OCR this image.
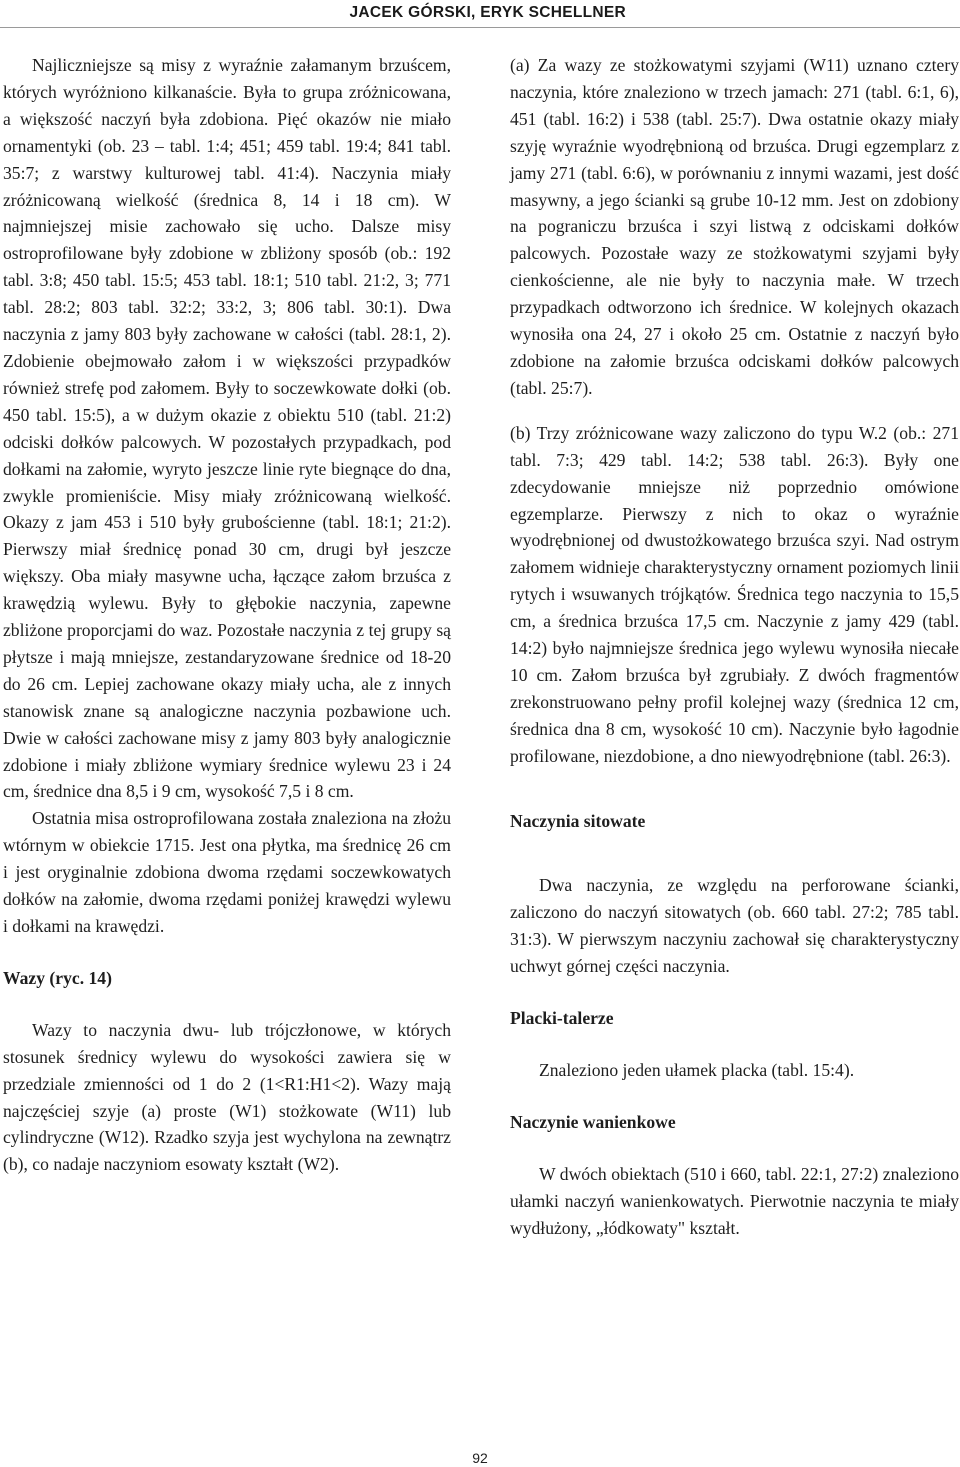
JACEK GÓRSKI, ERYK SCHELLNER

Najliczniejsze są misy z wyraźnie załamanym brzuścem, których wyróżniono kilkanaście. Była to grupa zróżnicowana, a większość naczyń była zdobiona. Pięć okazów nie miało ornamentyki (ob. 23 – tabl. 1:4; 451; 459 tabl. 19:4; 841 tabl. 35:7; z warstwy kulturowej tabl. 41:4). Naczynia miały zróżnicowaną wielkość (średnica 8, 14 i 18 cm). W najmniejszej misie zachowało się ucho. Dalsze misy ostroprofilowane były zdobione w zbliżony sposób (ob.: 192 tabl. 3:8; 450 tabl. 15:5; 453 tabl. 18:1; 510 tabl. 21:2, 3; 771 tabl. 28:2; 803 tabl. 32:2; 33:2, 3; 806 tabl. 30:1). Dwa naczynia z jamy 803 były zachowane w całości (tabl. 28:1, 2). Zdobienie obejmowało załom i w większości przypadków również strefę pod załomem. Były to soczewkowate dołki (ob. 450 tabl. 15:5), a w dużym okazie z obiektu 510 (tabl. 21:2) odciski dołków palcowych. W pozostałych przypadkach, pod dołkami na załomie, wyryto jeszcze linie ryte biegnące do dna, zwykle promieniście. Misy miały zróżnicowaną wielkość. Okazy z jam 453 i 510 były grubościenne (tabl. 18:1; 21:2). Pierwszy miał średnicę ponad 30 cm, drugi był jeszcze większy. Oba miały masywne ucha, łączące załom brzuśca z krawędzią wylewu. Były to głębokie naczynia, zapewne zbliżone proporcjami do waz. Pozostałe naczynia z tej grupy są płytsze i mają mniejsze, zestandaryzowane średnice od 18-20 do 26 cm. Lepiej zachowane okazy miały ucha, ale z innych stanowisk znane są analogiczne naczynia pozbawione uch. Dwie w całości zachowane misy z jamy 803 były analogicznie zdobione i miały zbliżone wymiary średnice wylewu 23 i 24 cm, średnice dna 8,5 i 9 cm, wysokość 7,5 i 8 cm.

Ostatnia misa ostroprofilowana została znaleziona na złożu wtórnym w obiekcie 1715. Jest ona płytka, ma średnicę 26 cm i jest oryginalnie zdobiona dwoma rzędami soczewkowatych dołków na załomie, dwoma rzędami poniżej krawędzi wylewu i dołkami na krawędzi.

Wazy (ryc. 14)

Wazy to naczynia dwu- lub trójczłonowe, w których stosunek średnicy wylewu do wysokości zawiera się w przedziale zmienności od 1 do 2 (1<R1:H1<2). Wazy mają najczęściej szyje (a) proste (W1) stożkowate (W11) lub cylindryczne (W12). Rzadko szyja jest wychylona na zewnątrz (b), co nadaje naczyniom esowaty kształt (W2).

(a) Za wazy ze stożkowatymi szyjami (W11) uznano cztery naczynia, które znaleziono w trzech jamach: 271 (tabl. 6:1, 6), 451 (tabl. 16:2) i 538 (tabl. 25:7). Dwa ostatnie okazy miały szyję wyraźnie wyodrębnioną od brzuśca. Drugi egzemplarz z jamy 271 (tabl. 6:6), w porównaniu z innymi wazami, jest dość masywny, a jego ścianki są grube 10-12 mm. Jest on zdobiony na pograniczu brzuśca i szyi listwą z odciskami dołków palcowych. Pozostałe wazy ze stożkowatymi szyjami były cienkościenne, ale nie były to naczynia małe. W trzech przypadkach odtworzono ich średnice. W kolejnych okazach wynosiła ona 24, 27 i około 25 cm. Ostatnie z naczyń było zdobione na załomie brzuśca odciskami dołków palcowych (tabl. 25:7).

(b) Trzy zróżnicowane wazy zaliczono do typu W.2 (ob.: 271 tabl. 7:3; 429 tabl. 14:2; 538 tabl. 26:3). Były one zdecydowanie mniejsze niż poprzednio omówione egzemplarze. Pierwszy z nich to okaz o wyraźnie wyodrębnionej od dwustożkowatego brzuśca szyi. Nad ostrym załomem widnieje charakterystyczny ornament poziomych linii rytych i wsuwanych trójkątów. Średnica tego naczynia to 15,5 cm, a średnica brzuśca 17,5 cm. Naczynie z jamy 429 (tabl. 14:2) było najmniejsze średnica jego wylewu wynosiła niecałe 10 cm. Załom brzuśca był zgrubiały. Z dwóch fragmentów zrekonstruowano pełny profil kolejnej wazy (średnica 12 cm, średnica dna 8 cm, wysokość 10 cm). Naczynie było łagodnie profilowane, niezdobione, a dno niewyodrębnione (tabl. 26:3).

Naczynia sitowate

Dwa naczynia, ze względu na perforowane ścianki, zaliczono do naczyń sitowatych (ob. 660 tabl. 27:2; 785 tabl. 31:3). W pierwszym naczyniu zachował się charakterystyczny uchwyt górnej części naczynia.

Placki-talerze

Znaleziono jeden ułamek placka (tabl. 15:4).

Naczynie wanienkowe

W dwóch obiektach (510 i 660, tabl. 22:1, 27:2) znaleziono ułamki naczyń wanienkowatych. Pierwotnie naczynia te miały wydłużony, „łódkowaty" kształt.

92
